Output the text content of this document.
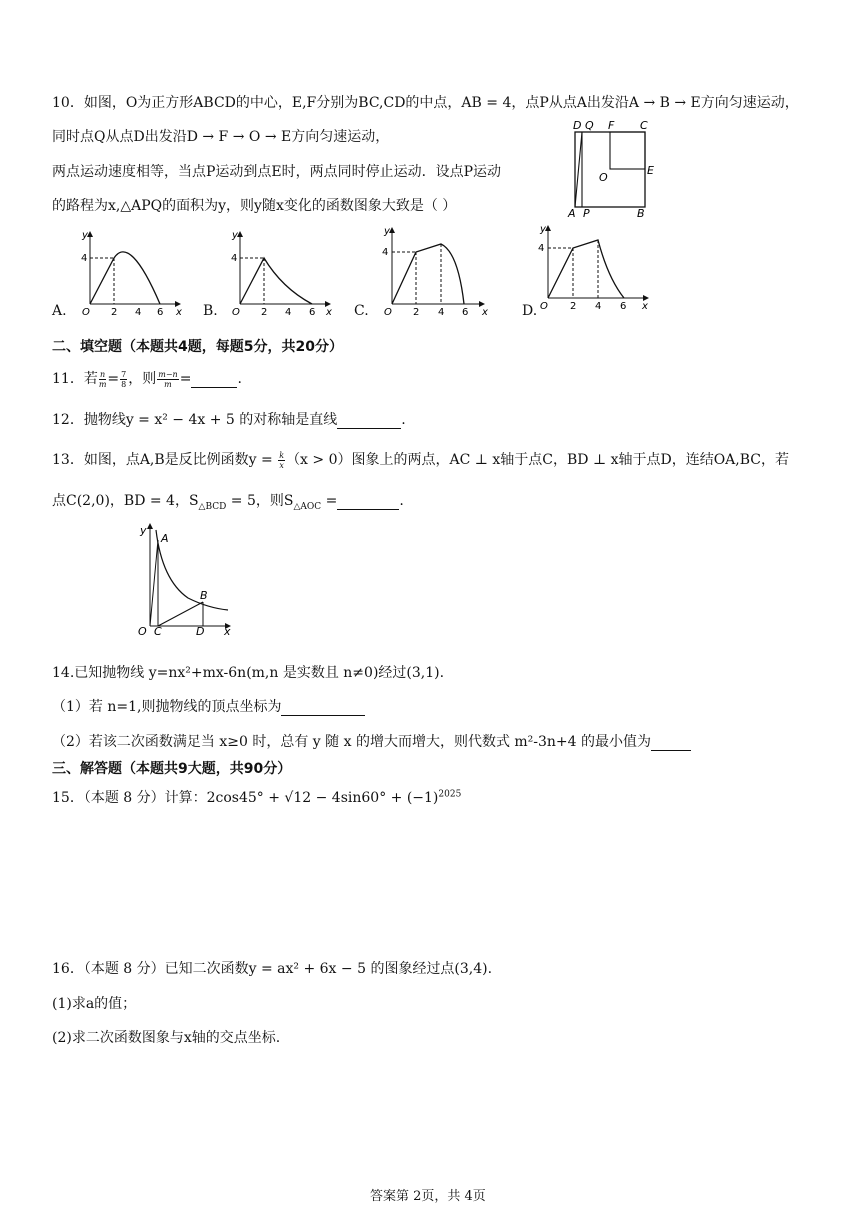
10．如图，O为正方形ABCD的中心，E,F分别为BC,CD的中点，AB = 4，点P从点A出发沿A → B → E方向匀速运动，
同时点Q从点D出发沿D → F → O → E方向匀速运动，
两点运动速度相等，当点P运动到点E时，两点同时停止运动．设点P运动
的路程为x,△APQ的面积为y，则y随x变化的函数图象大致是（ ）
D Q F C
O
E
A P	B
A.
y
4
O 2 4 6 x B.
y
4
O 2 4 6 x C.
y
4
O 2 4 6 x D.
y
4
O 2 4 6 x
二、填空题（本题共4题，每题5分，共20分）
11．若 $\frac{n}{m} = \frac{7}{8}$ ，则 $\frac{m-n}{m}$ =	.
12．抛物线y = x² − 4x + 5 的对称轴是直线	.
13．如图，点A,B是反比例函数$y = \frac{k}{x} (x > 0)$图象上的两点，AC ⊥ x轴于点C，BD ⊥ x轴于点D，连结OA,BC，若
点C(2,0)，BD = 4，$S_{\triangle BCD} = 5$，则$S_{\triangle AOC}$ =	.
y
A
B
O C	D x
14.已知抛物线 y=nx²+mx-6n(m,n 是实数且 n≠0)经过(3,1).
（1）若 n=1,则抛物线的顶点坐标为
（2）若该二次函数满足当 x≥0 时，总有 y 随 x 的增大而增大，则代数式 m²-3n+4 的最小值为
三、解答题（本题共9大题，共90分）
15．（本题 8 分）计算：$2\cos 45^\circ + √12 - 4\sin 60^\circ + (-1)^{2025}$
16．（本题 8 分）已知二次函数y = ax² + 6x − 5 的图象经过点(3,4).
(1)求a的值；
(2)求二次函数图象与x轴的交点坐标.
答案第 2页，共 4页
